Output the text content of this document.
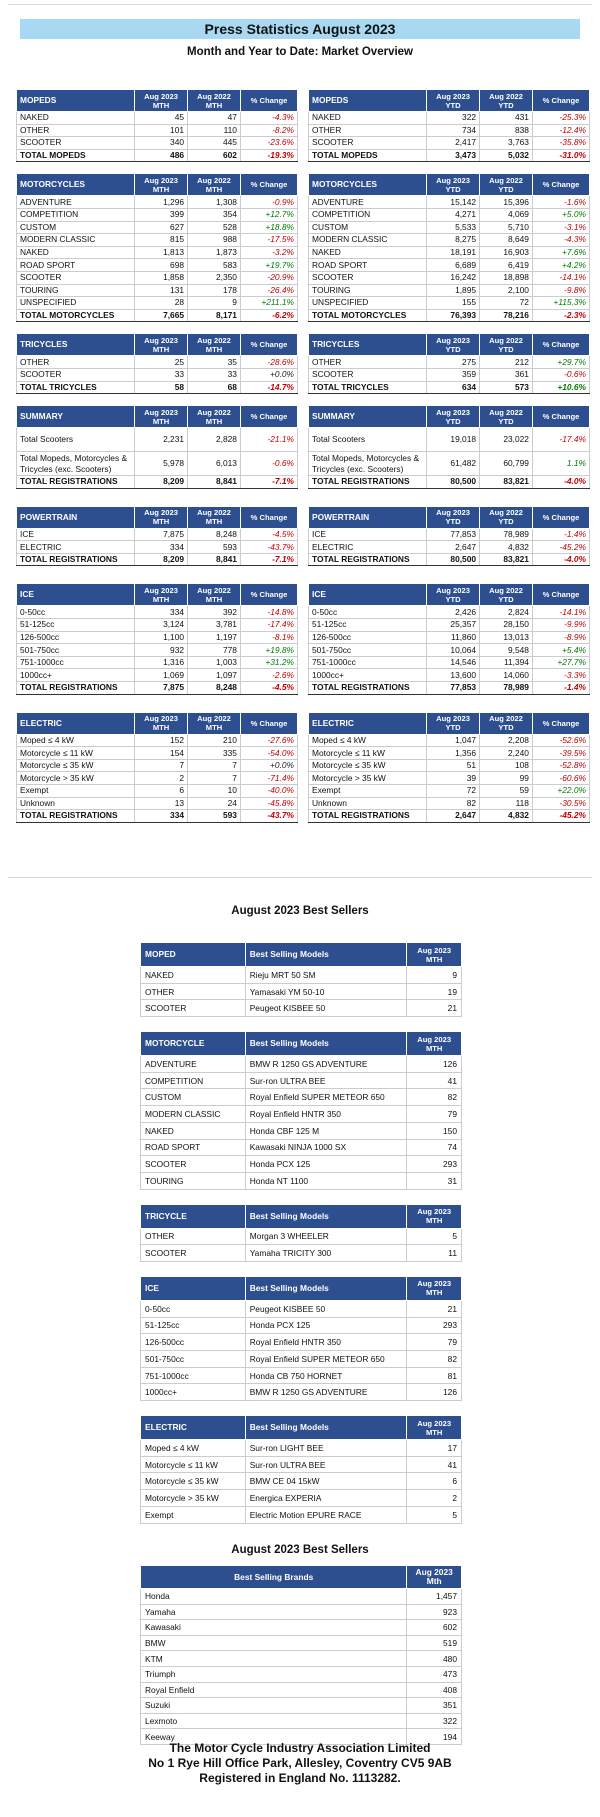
Press Statistics August 2023
Month and Year to Date: Market Overview
MOPEDS	Aug 2023 MTH	Aug 2022 MTH	% Change
NAKED	45	47	-4.3%
OTHER	101	110	-8.2%
SCOOTER	340	445	-23.6%
TOTAL MOPEDS	486	602	-19.3%
MOPEDS	Aug 2023 YTD	Aug 2022 YTD	% Change
NAKED	322	431	-25.3%
OTHER	734	838	-12.4%
SCOOTER	2,417	3,763	-35.8%
TOTAL MOPEDS	3,473	5,032	-31.0%
MOTORCYCLES	Aug 2023 MTH	Aug 2022 MTH	% Change
ADVENTURE	1,296	1,308	-0.9%
COMPETITION	399	354	+12.7%
CUSTOM	627	528	+18.8%
MODERN CLASSIC	815	988	-17.5%
NAKED	1,813	1,873	-3.2%
ROAD SPORT	698	583	+19.7%
SCOOTER	1,858	2,350	-20.9%
TOURING	131	178	-26.4%
UNSPECIFIED	28	9	+211.1%
TOTAL MOTORCYCLES	7,665	8,171	-6.2%
MOTORCYCLES	Aug 2023 YTD	Aug 2022 YTD	% Change
ADVENTURE	15,142	15,396	-1.6%
COMPETITION	4,271	4,069	+5.0%
CUSTOM	5,533	5,710	-3.1%
MODERN CLASSIC	8,275	8,649	-4.3%
NAKED	18,191	16,903	+7.6%
ROAD SPORT	6,689	6,419	+4.2%
SCOOTER	16,242	18,898	-14.1%
TOURING	1,895	2,100	-9.8%
UNSPECIFIED	155	72	+115.3%
TOTAL MOTORCYCLES	76,393	78,216	-2.3%
TRICYCLES	Aug 2023 MTH	Aug 2022 MTH	% Change
OTHER	25	35	-28.6%
SCOOTER	33	33	+0.0%
TOTAL TRICYCLES	58	68	-14.7%
TRICYCLES	Aug 2023 YTD	Aug 2022 YTD	% Change
OTHER	275	212	+29.7%
SCOOTER	359	361	-0.6%
TOTAL TRICYCLES	634	573	+10.6%
SUMMARY	Aug 2023 MTH	Aug 2022 MTH	% Change
Total Scooters	2,231	2,828	-21.1%
Total Mopeds, Motorcycles & Tricycles (exc. Scooters)	5,978	6,013	-0.6%
TOTAL REGISTRATIONS	8,209	8,841	-7.1%
SUMMARY	Aug 2023 YTD	Aug 2022 YTD	% Change
Total Scooters	19,018	23,022	-17.4%
Total Mopeds, Motorcycles & Tricycles (exc. Scooters)	61,482	60,799	1.1%
TOTAL REGISTRATIONS	80,500	83,821	-4.0%
POWERTRAIN	Aug 2023 MTH	Aug 2022 MTH	% Change
ICE	7,875	8,248	-4.5%
ELECTRIC	334	593	-43.7%
TOTAL REGISTRATIONS	8,209	8,841	-7.1%
POWERTRAIN	Aug 2023 YTD	Aug 2022 YTD	% Change
ICE	77,853	78,989	-1.4%
ELECTRIC	2,647	4,832	-45.2%
TOTAL REGISTRATIONS	80,500	83,821	-4.0%
ICE	Aug 2023 MTH	Aug 2022 MTH	% Change
0-50cc	334	392	-14.8%
51-125cc	3,124	3,781	-17.4%
126-500cc	1,100	1,197	-8.1%
501-750cc	932	778	+19.8%
751-1000cc	1,316	1,003	+31.2%
1000cc+	1,069	1,097	-2.6%
TOTAL REGISTRATIONS	7,875	8,248	-4.5%
ICE	Aug 2023 YTD	Aug 2022 YTD	% Change
0-50cc	2,426	2,824	-14.1%
51-125cc	25,357	28,150	-9.9%
126-500cc	11,860	13,013	-8.9%
501-750cc	10,064	9,548	+5.4%
751-1000cc	14,546	11,394	+27.7%
1000cc+	13,600	14,060	-3.3%
TOTAL REGISTRATIONS	77,853	78,989	-1.4%
ELECTRIC	Aug 2023 MTH	Aug 2022 MTH	% Change
Moped ≤ 4 kW	152	210	-27.6%
Motorcycle ≤ 11 kW	154	335	-54.0%
Motorcycle ≤ 35 kW	7	7	+0.0%
Motorcycle > 35 kW	2	7	-71.4%
Exempt	6	10	-40.0%
Unknown	13	24	-45.8%
TOTAL REGISTRATIONS	334	593	-43.7%
ELECTRIC	Aug 2023 YTD	Aug 2022 YTD	% Change
Moped ≤ 4 kW	1,047	2,208	-52.6%
Motorcycle ≤ 11 kW	1,356	2,240	-39.5%
Motorcycle ≤ 35 kW	51	108	-52.8%
Motorcycle > 35 kW	39	99	-60.6%
Exempt	72	59	+22.0%
Unknown	82	118	-30.5%
TOTAL REGISTRATIONS	2,647	4,832	-45.2%
August 2023 Best Sellers
MOPED	Best Selling Models	Aug 2023 MTH
NAKED	Rieju MRT 50 SM	9
OTHER	Yamasaki YM 50-10	19
SCOOTER	Peugeot KISBEE 50	21
MOTORCYCLE	Best Selling Models	Aug 2023 MTH
ADVENTURE	BMW R 1250 GS ADVENTURE	126
COMPETITION	Sur-ron ULTRA BEE	41
CUSTOM	Royal Enfield SUPER METEOR 650	82
MODERN CLASSIC	Royal Enfield HNTR 350	79
NAKED	Honda CBF 125 M	150
ROAD SPORT	Kawasaki NINJA 1000 SX	74
SCOOTER	Honda PCX 125	293
TOURING	Honda NT 1100	31
TRICYCLE	Best Selling Models	Aug 2023 MTH
OTHER	Morgan 3 WHEELER	5
SCOOTER	Yamaha TRICITY 300	11
ICE	Best Selling Models	Aug 2023 MTH
0-50cc	Peugeot KISBEE 50	21
51-125cc	Honda PCX 125	293
126-500cc	Royal Enfield HNTR 350	79
501-750cc	Royal Enfield SUPER METEOR 650	82
751-1000cc	Honda CB 750 HORNET	81
1000cc+	BMW R 1250 GS ADVENTURE	126
ELECTRIC	Best Selling Models	Aug 2023 MTH
Moped ≤ 4 kW	Sur-ron LIGHT BEE	17
Motorcycle ≤ 11 kW	Sur-ron ULTRA BEE	41
Motorcycle ≤ 35 kW	BMW CE 04 15kW	6
Motorcycle > 35 kW	Energica EXPERIA	2
Exempt	Electric Motion EPURE RACE	5
August 2023 Best Sellers
Best Selling Brands	Aug 2023 Mth
Honda	1,457
Yamaha	923
Kawasaki	602
BMW	519
KTM	480
Triumph	473
Royal Enfield	408
Suzuki	351
Lexmoto	322
Keeway	194
The Motor Cycle Industry Association Limited
No 1 Rye Hill Office Park, Allesley, Coventry CV5 9AB
Registered in England No. 1113282.
